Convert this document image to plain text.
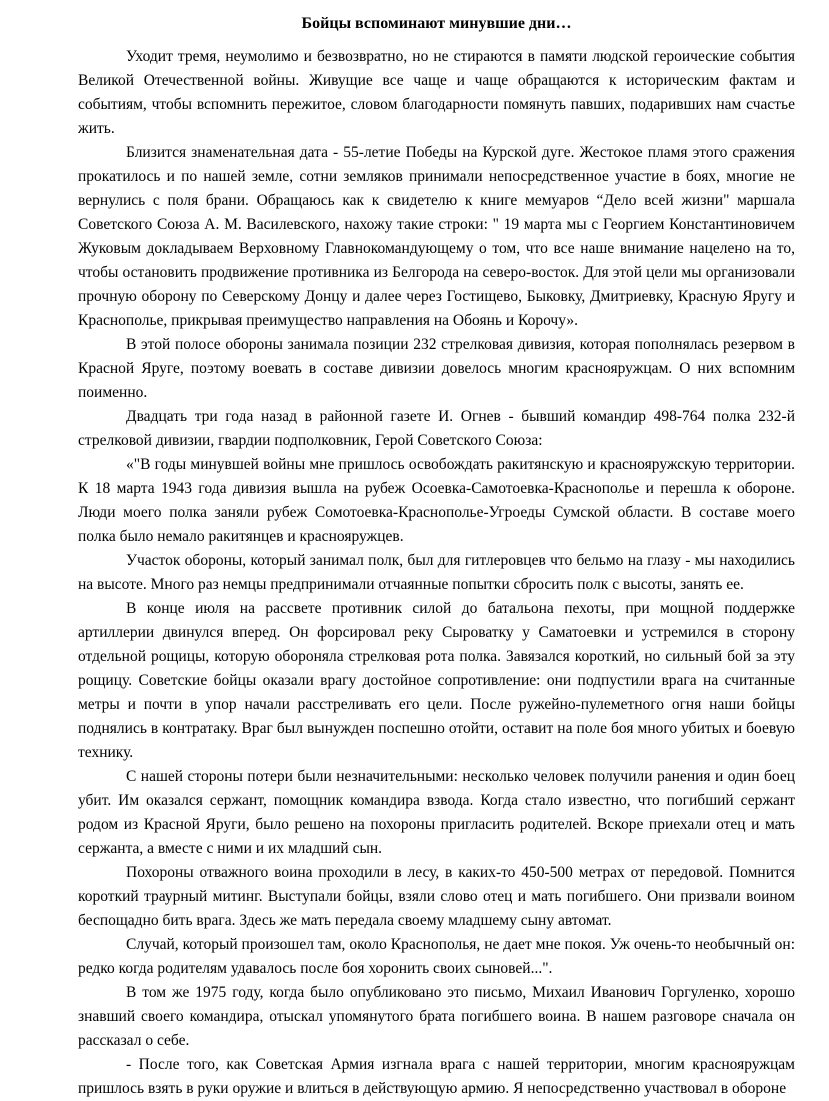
Бойцы вспоминают минувшие дни…

Уходит тремя, неумолимо и безвозвратно, но не стираются в памяти людской героические события Великой Отечественной войны. Живущие все чаще и чаще обращаются к историческим фактам и событиям, чтобы вспомнить пережитое, словом благодарности помянуть павших, подаривших нам счастье жить.

Близится знаменательная дата - 55-летие Победы на Курской дуге. Жестокое пламя этого сражения прокатилось и по нашей земле, сотни земляков принимали непосредственное участие в боях, многие не вернулись с поля брани. Обращаюсь как к свидетелю к книге мемуаров “Дело всей жизни" маршала Советского Союза А. М. Василевского, нахожу такие строки: " 19 марта мы с Георгием Константиновичем Жуковым докладываем Верховному Главнокомандующему о том, что все наше внимание нацелено на то, чтобы остановить продвижение противника из Белгорода на северо-восток. Для этой цели мы организовали прочную оборону по Северскому Донцу и далее через Гостищево, Быковку, Дмитриевку, Красную Яругу и Краснополье, прикрывая преимущество направления на Обоянь и Корочу».

В этой полосе обороны занимала позиции 232 стрелковая дивизия, которая пополнялась резервом в Красной Яруге, поэтому воевать в составе дивизии довелось многим краснояружцам. О них вспомним поименно.

Двадцать три года назад в районной газете И. Огнев - бывший командир 498-764 полка 232-й стрелковой дивизии, гвардии подполковник, Герой Советского Союза:

«"В годы минувшей войны мне пришлось освобождать ракитянскую и краснояружскую территории. К 18 марта 1943 года дивизия вышла на рубеж Осоевка-Самотоевка-Краснополье и перешла к обороне. Люди моего полка заняли рубеж Сомотоевка-Краснополье-Угроеды Сумской области. В составе моего полка было немало ракитянцев и краснояружцев.

Участок обороны, который занимал полк, был для гитлеровцев что бельмо на глазу - мы находились на высоте. Много раз немцы предпринимали отчаянные попытки сбросить полк с высоты, занять ее.

В конце июля на рассвете противник силой до батальона пехоты, при мощной поддержке артиллерии двинулся вперед. Он форсировал реку Сыроватку у Саматоевки и устремился в сторону отдельной рощицы, которую обороняла стрелковая рота полка. Завязался короткий, но сильный бой за эту рощицу. Советские бойцы оказали врагу достойное сопротивление: они подпустили врага на считанные метры и почти в упор начали расстреливать его цели. После ружейно-пулеметного огня наши бойцы поднялись в контратаку. Враг был вынужден поспешно отойти, оставит на поле боя много убитых и боевую технику.

С нашей стороны потери были незначительными: несколько человек получили ранения и один боец убит. Им оказался сержант, помощник командира взвода. Когда стало известно, что погибший сержант родом из Красной Яруги, было решено на похороны пригласить родителей. Вскоре приехали отец и мать сержанта, а вместе с ними и их младший сын.

Похороны отважного воина проходили в лесу, в каких-то 450-500 метрах от передовой. Помнится короткий траурный митинг. Выступали бойцы, взяли слово отец и мать погибшего. Они призвали воином беспощадно бить врага. Здесь же мать передала своему младшему сыну автомат.

Случай, который произошел там, около Краснополья, не дает мне покоя. Уж очень-то необычный он: редко когда родителям удавалось после боя хоронить своих сыновей...".

В том же 1975 году, когда было опубликовано это письмо, Михаил Иванович Горгуленко, хорошо знавший своего командира, отыскал упомянутого брата погибшего воина. В нашем разговоре сначала он рассказал о себе.

- После того, как Советская Армия изгнала врага с нашей территории, многим краснояружцам пришлось взять в руки оружие и влиться в действующую армию. Я непосредственно участвовал в обороне
